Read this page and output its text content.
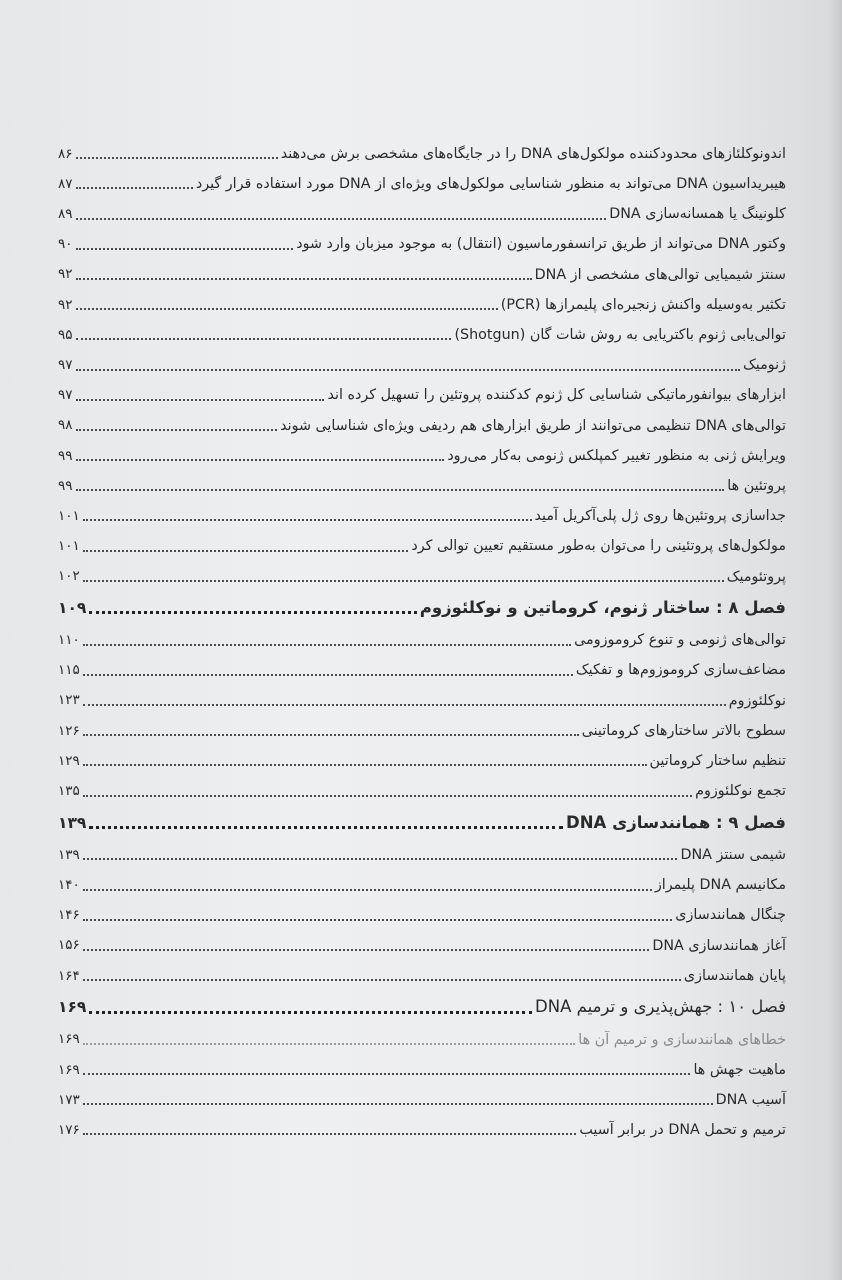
اندونوکلئازهای محدودکننده مولکول‌های DNA را در جایگاه‌های مشخصی برش می‌دهند
۸۶
هیبریداسیون DNA می‌تواند به منظور شناسایی مولکول‌های ویژه‌ای از DNA مورد استفاده قرار گیرد
۸۷
کلونینگ یا همسانه‌سازی DNA
۸۹
وکتور DNA می‌تواند از طریق ترانسفورماسیون (انتقال) به موجود میزبان وارد شود
۹۰
سنتز شیمیایی توالی‌های مشخصی از DNA
۹۲
تکثیر به‌وسیله واکنش زنجیره‌ای پلیمرازها (PCR)
۹۲
توالی‌یابی ژنوم باکتریایی به روش شات گان (Shotgun)
۹۵
ژنومیک
۹۷
ابزارهای بیوانفورماتیکی شناسایی کل ژنوم کدکننده پروتئین را تسهیل کرده اند
۹۷
توالی‌های DNA تنظیمی می‌توانند از طریق ابزارهای هم ردیفی ویژه‌ای شناسایی شوند
۹۸
ویرایش ژنی به منظور تغییر کمپلکس ژنومی به‌کار می‌رود
۹۹
پروتئین ها
۹۹
جداسازی پروتئین‌ها روی ژل پلی‌آکریل آمید
۱۰۱
مولکول‌های پروتئینی را می‌توان به‌طور مستقیم تعیین توالی کرد
۱۰۱
پروتئومیک
۱۰۲
فصل ۸ : ساختار ژنوم، کروماتین و نوکلئوزوم
۱۰۹
توالی‌های ژنومی و تنوع کروموزومی
۱۱۰
مضاعف‌سازی کروموزوم‌ها و تفکیک
۱۱۵
نوکلئوزوم
۱۲۳
سطوح بالاتر ساختارهای کروماتینی
۱۲۶
تنظیم ساختار کروماتین
۱۲۹
تجمع نوکلئوزوم
۱۳۵
فصل ۹ : همانندسازی DNA
۱۳۹
شیمی سنتز DNA
۱۳۹
مکانیسم DNA پلیمراز
۱۴۰
چنگال همانندسازی
۱۴۶
آغاز همانندسازی DNA
۱۵۶
پایان همانندسازی
۱۶۴
فصل ۱۰ : جهش‌پذیری و ترمیم DNA
۱۶۹
خطاهای همانندسازی و ترمیم آن ها
۱۶۹
ماهیت جهش ها
۱۶۹
آسیب DNA
۱۷۳
ترمیم و تحمل DNA در برابر آسیب
۱۷۶
